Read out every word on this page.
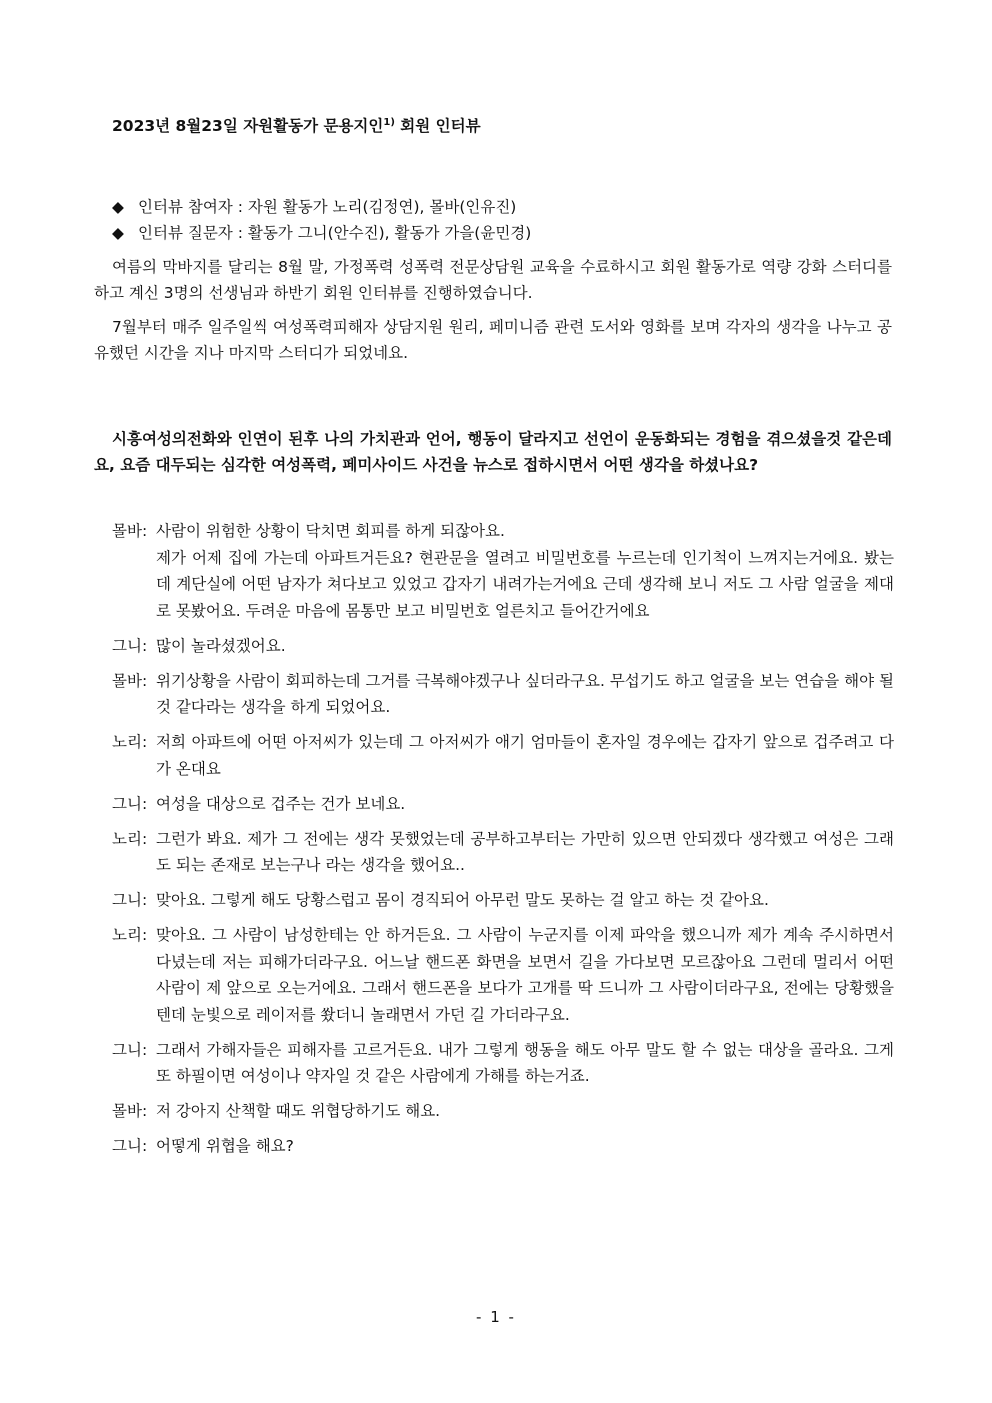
2023년 8월23일 자원활동가 문용지인$^{1)}$ 회원 인터뷰
◆ 인터뷰 참여자 : 자원 활동가 노리(김정연), 몰바(인유진)
◆ 인터뷰 질문자 : 활동가 그니(안수진), 활동가 가을(윤민경)

여름의 막바지를 달리는 8월 말, 가정폭력 성폭력 전문상담원 교육을 수료하시고 회원 활동가로 역량 강화 스터디를 하고 계신 3명의 선생님과 하반기 회원 인터뷰를 진행하였습니다.

7월부터 매주 일주일씩 여성폭력피해자 상담지원 원리, 페미니즘 관련 도서와 영화를 보며 각자의 생각을 나누고 공유했던 시간을 지나 마지막 스터디가 되었네요.

시흥여성의전화와 인연이 된후 나의 가치관과 언어, 행동이 달라지고 선언이 운동화되는 경험을 겪으셨을것 같은데요, 요즘 대두되는 심각한 여성폭력, 페미사이드 사건을 뉴스로 접하시면서 어떤 생각을 하셨나요?
몰바: 사람이 위험한 상황이 닥치면 회피를 하게 되잖아요.
제가 어제 집에 가는데 아파트거든요? 현관문을 열려고 비밀번호를 누르는데 인기척이 느껴지는거에요. 봤는데 계단실에 어떤 남자가 쳐다보고 있었고 갑자기 내려가는거에요 근데 생각해 보니 저도 그 사람 얼굴을 제대로 못봤어요. 두려운 마음에 몸통만 보고 비밀번호 얼른치고 들어간거에요
그니: 많이 놀라셨겠어요.
몰바: 위기상황을 사람이 회피하는데 그거를 극복해야겠구나 싶더라구요. 무섭기도 하고 얼굴을 보는 연습을 해야 될 것 같다라는 생각을 하게 되었어요.
노리: 저희 아파트에 어떤 아저씨가 있는데 그 아저씨가 애기 엄마들이 혼자일 경우에는 갑자기 앞으로 겁주려고 다가 온대요
그니: 여성을 대상으로 겁주는 건가 보네요.
노리: 그런가 봐요. 제가 그 전에는 생각 못했었는데 공부하고부터는 가만히 있으면 안되겠다 생각했고 여성은 그래도 되는 존재로 보는구나 라는 생각을 했어요..
그니: 맞아요. 그렇게 해도 당황스럽고 몸이 경직되어 아무런 말도 못하는 걸 알고 하는 것 같아요.
노리: 맞아요. 그 사람이 남성한테는 안 하거든요. 그 사람이 누군지를 이제 파악을 했으니까 제가 계속 주시하면서 다녔는데 저는 피해가더라구요. 어느날 핸드폰 화면을 보면서 길을 가다보면 모르잖아요 그런데 멀리서 어떤 사람이 제 앞으로 오는거에요. 그래서 핸드폰을 보다가 고개를 딱 드니까 그 사람이더라구요, 전에는 당황했을 텐데 눈빛으로 레이저를 쐈더니 놀래면서 가던 길 가더라구요.
그니: 그래서 가해자들은 피해자를 고르거든요. 내가 그렇게 행동을 해도 아무 말도 할 수 없는 대상을 골라요. 그게 또 하필이면 여성이나 약자일 것 같은 사람에게 가해를 하는거죠.
몰바: 저 강아지 산책할 때도 위협당하기도 해요.
그니: 어떻게 위협을 해요?
- 1 -
